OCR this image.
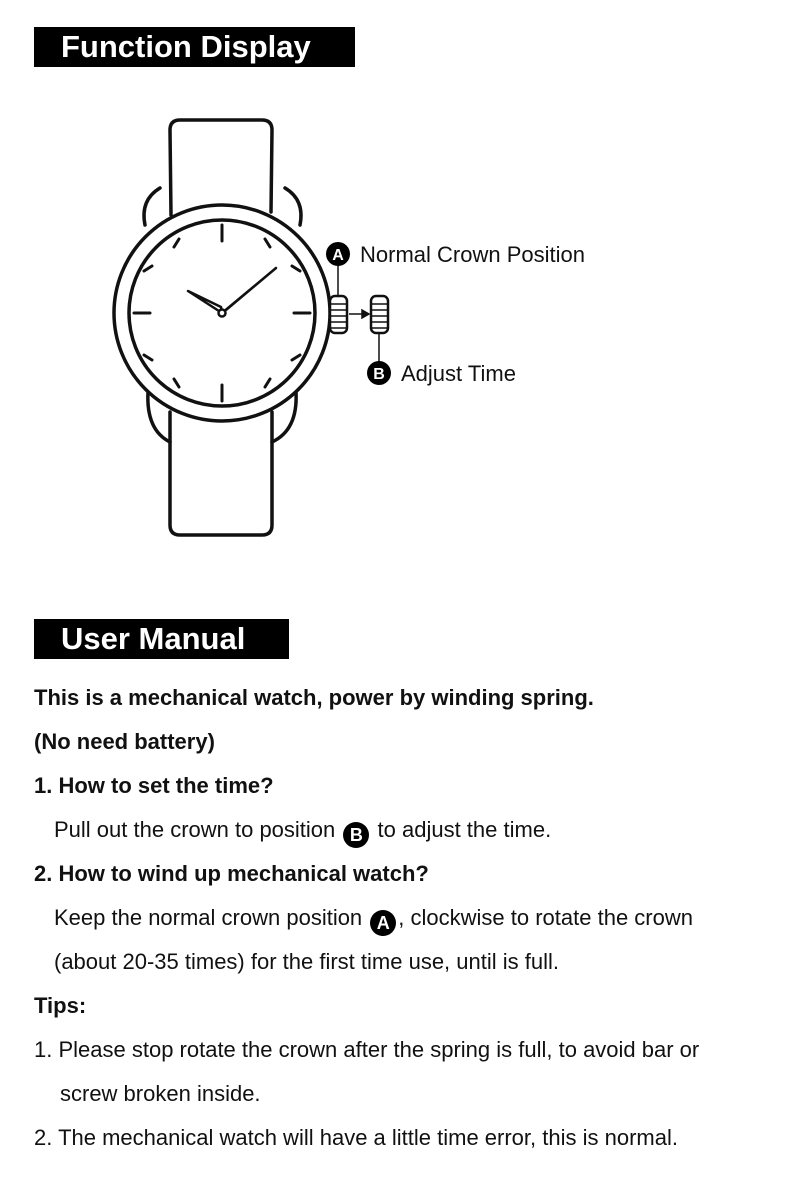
Function Display
A Normal Crown Position
B Adjust Time
User Manual
This is a mechanical watch, power by winding spring.
(No need battery)
1. How to set the time?
Pull out the crown to position B to adjust the time.
2. How to wind up mechanical watch?
Keep the normal crown position A , clockwise to rotate the crown
(about 20-35 times) for the first time use, until is full.
Tips:
1. Please stop rotate the crown after the spring is full, to avoid bar or
screw broken inside.
2. The mechanical watch will have a little time error, this is normal.
